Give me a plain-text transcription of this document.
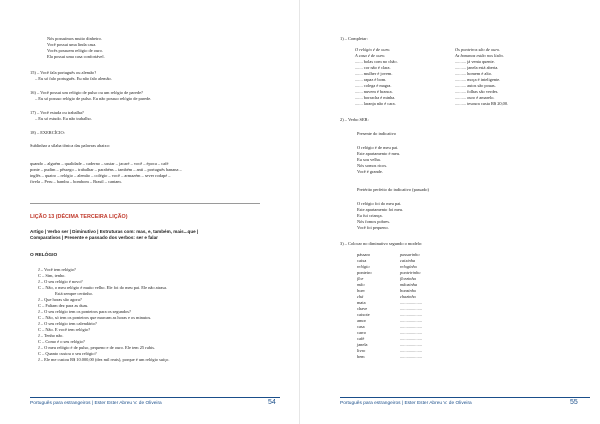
Nós possuímos muito dinheiro.
Você possui uma linda casa.
Vocês possuem relógio de ouro.
Ela possui uma casa confortável.
15) – Você fala português ou alemão?
– Eu só falo português. Eu não falo alemão.
16) – Você possui um relógio de pulso ou um relógio de parede?
– Eu só possuo relógio de pulso. Eu não possuo relógio de parede.
17) – Você estuda ou trabalha?
– Eu só estudo. Eu não trabalho.
18) – EXERCÍCIO:
Sublinhar a sílaba tônica das palavras abaixo:
quando – alguém – qualidade – caderno – usstar – jacaré – você – época – café
ponte – pudim – pêssego – trabalhar – parabéns – também – anti – português banana –
inglês – quatro – relógio – alemão – colégio – você – armazém – sever rodapé –
fivela – Peru – bambu – bombom – Brasil – cantam.
LIÇÃO 13 (DÉCIMA TERCEIRA LIÇÃO)
Artigo | Verbo ser | Diminutivo | Estruturas com: mas, e, também, mais...que |
Comparativos | Presente e passado dos verbos: ser e falar
O RELÓGIO
J – Você tem relógio?
C – Sim, tenho.
J – O seu relógio é novo?
C – Não, o meu relógio é muito velho. Ele foi do meu pai. Ele não atrasa.
Está sempre certinho.
J – Que horas são agora?
C – Faltam dez para as duas.
J – O seu relógio tem os ponteiros para os segundos?
C – Não, só tem os ponteiros que marcam as horas e os minutos.
J – O seu relógio tem calendário?
C – Não. E você tem relógio?
J – Tenho não.
C – Como é o seu relógio?
J – O meu relógio é de pulso, pequeno e de ouro. Ele tem 25 rubis.
C – Quanto custou o seu relógio?
J – Ele me custou R$ 10.000,00 (dez mil reais), porque é um relógio suíço.
Português para estrangeiros | Ester Ester Abreu V. de Oliveira	54
1) – Completar:
O relógio é de ouro.	Os ponteiros são de ouro.
A casa é de ouro.	As bananas estão nos lixão.
....... bolas com no chão.	.......... já venta quente.
....... cor não é clara.	.......... janela está aberta.
....... mulher é jovem.	.......... homem é alto.
....... rapaz é bom.	.......... moça é inteligente.
....... colega é magra.	.......... autos são pouas.
....... nuvem é branca.	.......... folhas são verdes.
....... borracha é minha.	.......... ouro é amarelo.
....... laranja não é cara.	.......... tesoura custa R$ 20,00.
2) – Verbo SER:
Presente do indicativo
O relógio é de meu pai.
Este apartamento é meu.
Eu sou velha.
Nós somos ricos.
Você é grande.
Pretérito perfeito do indicativo (passado)
O relógio foi do meu pai.
Este apartamento foi meu.
Eu fui criança.
Nós fomos pobres.
Você foi pequeno.
3) – Colocar no diminutivo segundo o modelo:
pássaro	passarinho
caixa	caixinha
relógio	relogínho
ponteiro	ponteirinho
flor	florzinha
mão	mãozinha
bom	bonzinho
chá	chazinho
mata	....................
chave	....................
caixote	....................
amor	....................
casa	....................
carro	....................
café	....................
janela	....................
livro	....................
bem	....................
Português para estrangeiros | Ester Ester Abreu V. de Oliveira	55
